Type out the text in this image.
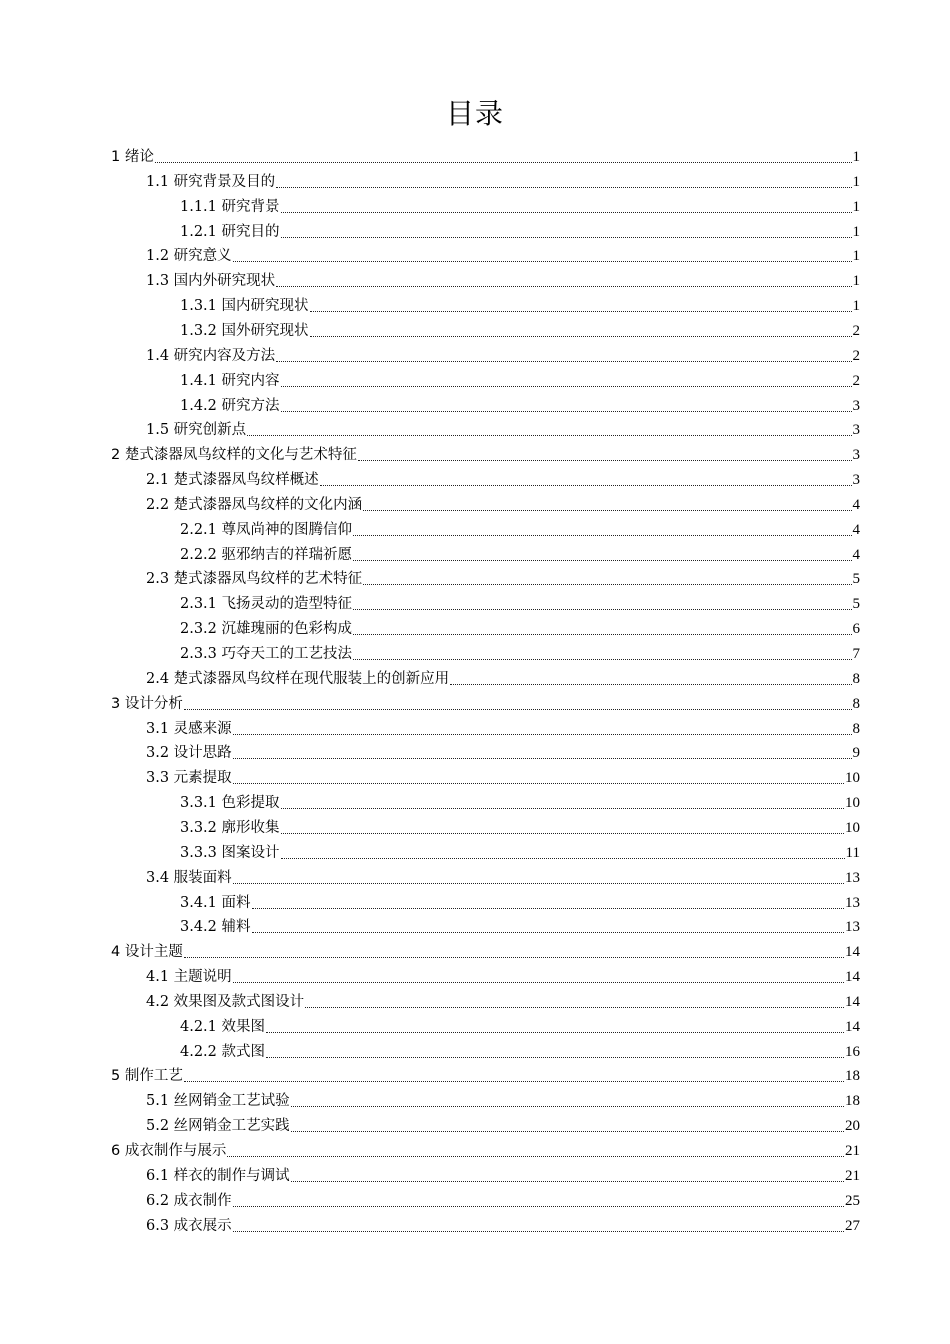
目录
1 绪论	1
1.1 研究背景及目的	1
1.1.1 研究背景	1
1.2.1 研究目的	1
1.2 研究意义	1
1.3 国内外研究现状	1
1.3.1 国内研究现状	1
1.3.2 国外研究现状	2
1.4 研究内容及方法	2
1.4.1 研究内容	2
1.4.2 研究方法	3
1.5 研究创新点	3
2 楚式漆器凤鸟纹样的文化与艺术特征	3
2.1 楚式漆器凤鸟纹样概述	3
2.2 楚式漆器凤鸟纹样的文化内涵	4
2.2.1 尊凤尚神的图腾信仰	4
2.2.2 驱邪纳吉的祥瑞祈愿	4
2.3 楚式漆器凤鸟纹样的艺术特征	5
2.3.1 飞扬灵动的造型特征	5
2.3.2 沉雄瑰丽的色彩构成	6
2.3.3 巧夺天工的工艺技法	7
2.4 楚式漆器凤鸟纹样在现代服装上的创新应用	8
3 设计分析	8
3.1 灵感来源	8
3.2 设计思路	9
3.3 元素提取	10
3.3.1 色彩提取	10
3.3.2 廓形收集	10
3.3.3 图案设计	11
3.4 服装面料	13
3.4.1 面料	13
3.4.2 辅料	13
4 设计主题	14
4.1 主题说明	14
4.2 效果图及款式图设计	14
4.2.1 效果图	14
4.2.2 款式图	16
5 制作工艺	18
5.1 丝网销金工艺试验	18
5.2 丝网销金工艺实践	20
6 成衣制作与展示	21
6.1 样衣的制作与调试	21
6.2 成衣制作	25
6.3 成衣展示	27
